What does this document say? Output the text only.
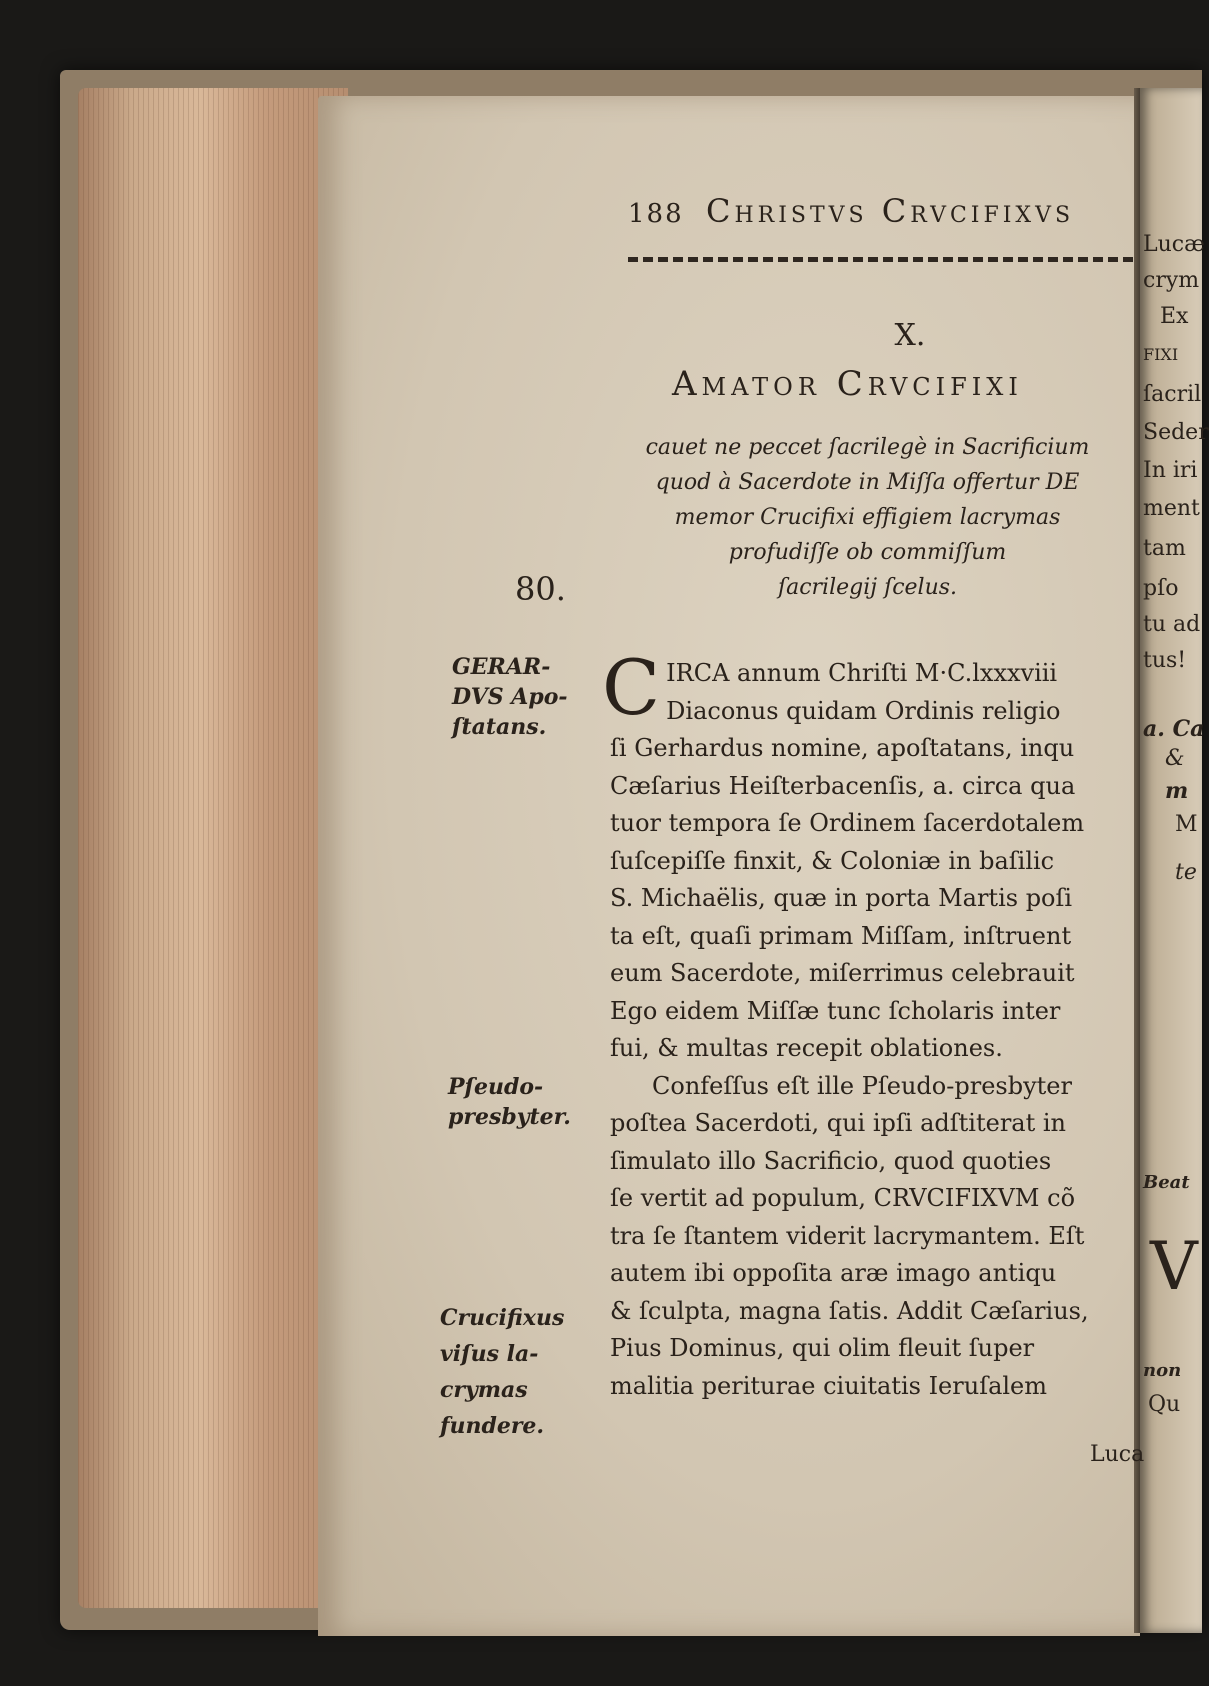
Lucæ
crym
Ex
FIXI
ſacril
Seder
In iri
ment
tam
pſo
tu ad
tus!
a. Ca
&
m
M
te
Beat
V
non
Qu
188 Christvs Crvcifixvs
X.
Amator Crvcifixi
cauet ne peccet ſacrilegè in Sacrificium
quod à Sacerdote in Miſſa offertur DE
memor Crucifixi effigiem lacrymas
profudiſſe ob commiſſum
ſacrilegij ſcelus.
80.
GERAR-
DVS Apo-
ſtatans.
Pſeudo-
presbyter.
Crucifixus
viſus la-
crymas
fundere.
C IRCA annum Chriſti M·C.lxxxviii
Diaconus quidam Ordinis religio
ſi Gerhardus nomine, apoſtatans, inqu
Cæſarius Heiſterbacenſis, a. circa qua
tuor tempora ſe Ordinem ſacerdotalem
ſuſcepiſſe finxit, & Coloniæ in baſilic
S. Michaëlis, quæ in porta Martis poſi
ta eſt, quaſi primam Miſſam, inſtruent
eum Sacerdote, miſerrimus celebrauit
Ego eidem Miſſæ tunc ſcholaris inter
fui, & multas recepit oblationes.
Confeſſus eſt ille Pſeudo-presbyter
poſtea Sacerdoti, qui ipſi adſtiterat in
ſimulato illo Sacrificio, quod quoties
ſe vertit ad populum, CRVCIFIXVM cõ
tra ſe ſtantem viderit lacrymantem. Eſt
autem ibi oppoſita aræ imago antiqu
& ſculpta, magna ſatis. Addit Cæſarius,
Pius Dominus, qui olim fleuit ſuper
malitia periturae ciuitatis Ieruſalem
Luca
